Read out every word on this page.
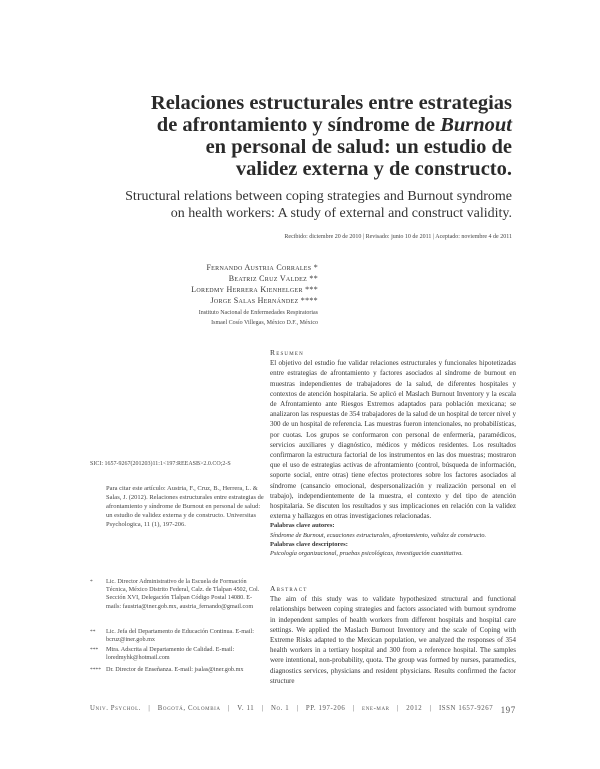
Relaciones estructurales entre estrategias
de afrontamiento y síndrome de Burnout
en personal de salud: un estudio de
validez externa y de constructo.
Structural relations between coping strategies and Burnout syndrome
on health workers: A study of external and construct validity.
Recibido: diciembre 20 de 2010 | Revisado: junio 10 de 2011 | Aceptado: noviembre 4 de 2011
Fernando Austria Corrales *
Beatriz Cruz Valdez **
Loredmy Herrera Kienhelger ***
Jorge Salas Hernández ****
Instituto Nacional de Enfermedades Respiratorias
Ismael Cosío Villegas, México D.F., México
Resumen
El objetivo del estudio fue validar relaciones estructurales y funcionales hipotetizadas entre estrategias de afrontamiento y factores asociados al síndrome de burnout en muestras independientes de trabajadores de la salud, de diferentes hospitales y contextos de atención hospitalaria. Se aplicó el Maslach Burnout Inventory y la escala de Afrontamiento ante Riesgos Extremos adaptados para población mexicana; se analizaron las respuestas de 354 trabajadores de la salud de un hospital de tercer nivel y 300 de un hospital de referencia. Las muestras fueron intencionales, no probabilísticas, por cuotas. Los grupos se conformaron con personal de enfermería, paramédicos, servicios auxiliares y diagnóstico, médicos y médicos residentes. Los resultados confirmaron la estructura factorial de los instrumentos en las dos muestras; mostraron que el uso de estrategias activas de afrontamiento (control, búsqueda de información, soporte social, entre otras) tiene efectos protectores sobre los factores asociados al síndrome (cansancio emocional, despersonalización y realización personal en el trabajo), independientemente de la muestra, el contexto y del tipo de atención hospitalaria. Se discuten los resultados y sus implicaciones en relación con la validez externa y hallazgos en otras investigaciones relacionadas.
Palabras clave autores:
Síndrome de Burnout, ecuaciones estructurales, afrontamiento, validez de constructo.
Palabras clave descriptores:
Psicología organizacional, pruebas psicológicas, investigación cuantitativa.
Abstract
The aim of this study was to validate hypothesized structural and functional relationships between coping strategies and factors associated with burnout syndrome in independent samples of health workers from different hospitals and hospital care settings. We applied the Maslach Burnout Inventory and the scale of Coping with Extreme Risks adapted to the Mexican population, we analyzed the responses of 354 health workers in a tertiary hospital and 300 from a reference hospital. The samples were intentional, non-probability, quota. The group was formed by nurses, paramedics, diagnostics services, physicians and resident physicians. Results confirmed the factor structure
SICI: 1657-9267(201203)11:1<197:REEASB>2.0.CO;2-S
Para citar este artículo: Austria, F., Cruz, B., Herrera, L. & Salas, J. (2012). Relaciones estructurales entre estrategias de afrontamiento y síndrome de Burnout en personal de salud: un estudio de validez externa y de constructo. Universitas Psychologica, 11 (1), 197-206.
* Lic. Director Administrativo de la Escuela de Formación Técnica, México Distrito Federal, Calz. de Tlalpan 4502, Col. Sección XVI, Delegación Tlalpan Código Postal 14080. E-mails: faustria@iner.gob.mx, austria_fernando@gmail.com
** Lic. Jefa del Departamento de Educación Continua. E-mail: bcruz@iner.gob.mx
*** Mtra. Adscrita al Departamento de Calidad. E-mail: loredmyhk@hotmail.com
**** Dr. Director de Enseñanza. E-mail: jsalas@iner.gob.mx
Univ. Psychol. | Bogotá, Colombia | V. 11 | No. 1 | PP. 197-206 | ene-mar | 2012 | ISSN 1657-9267 197
